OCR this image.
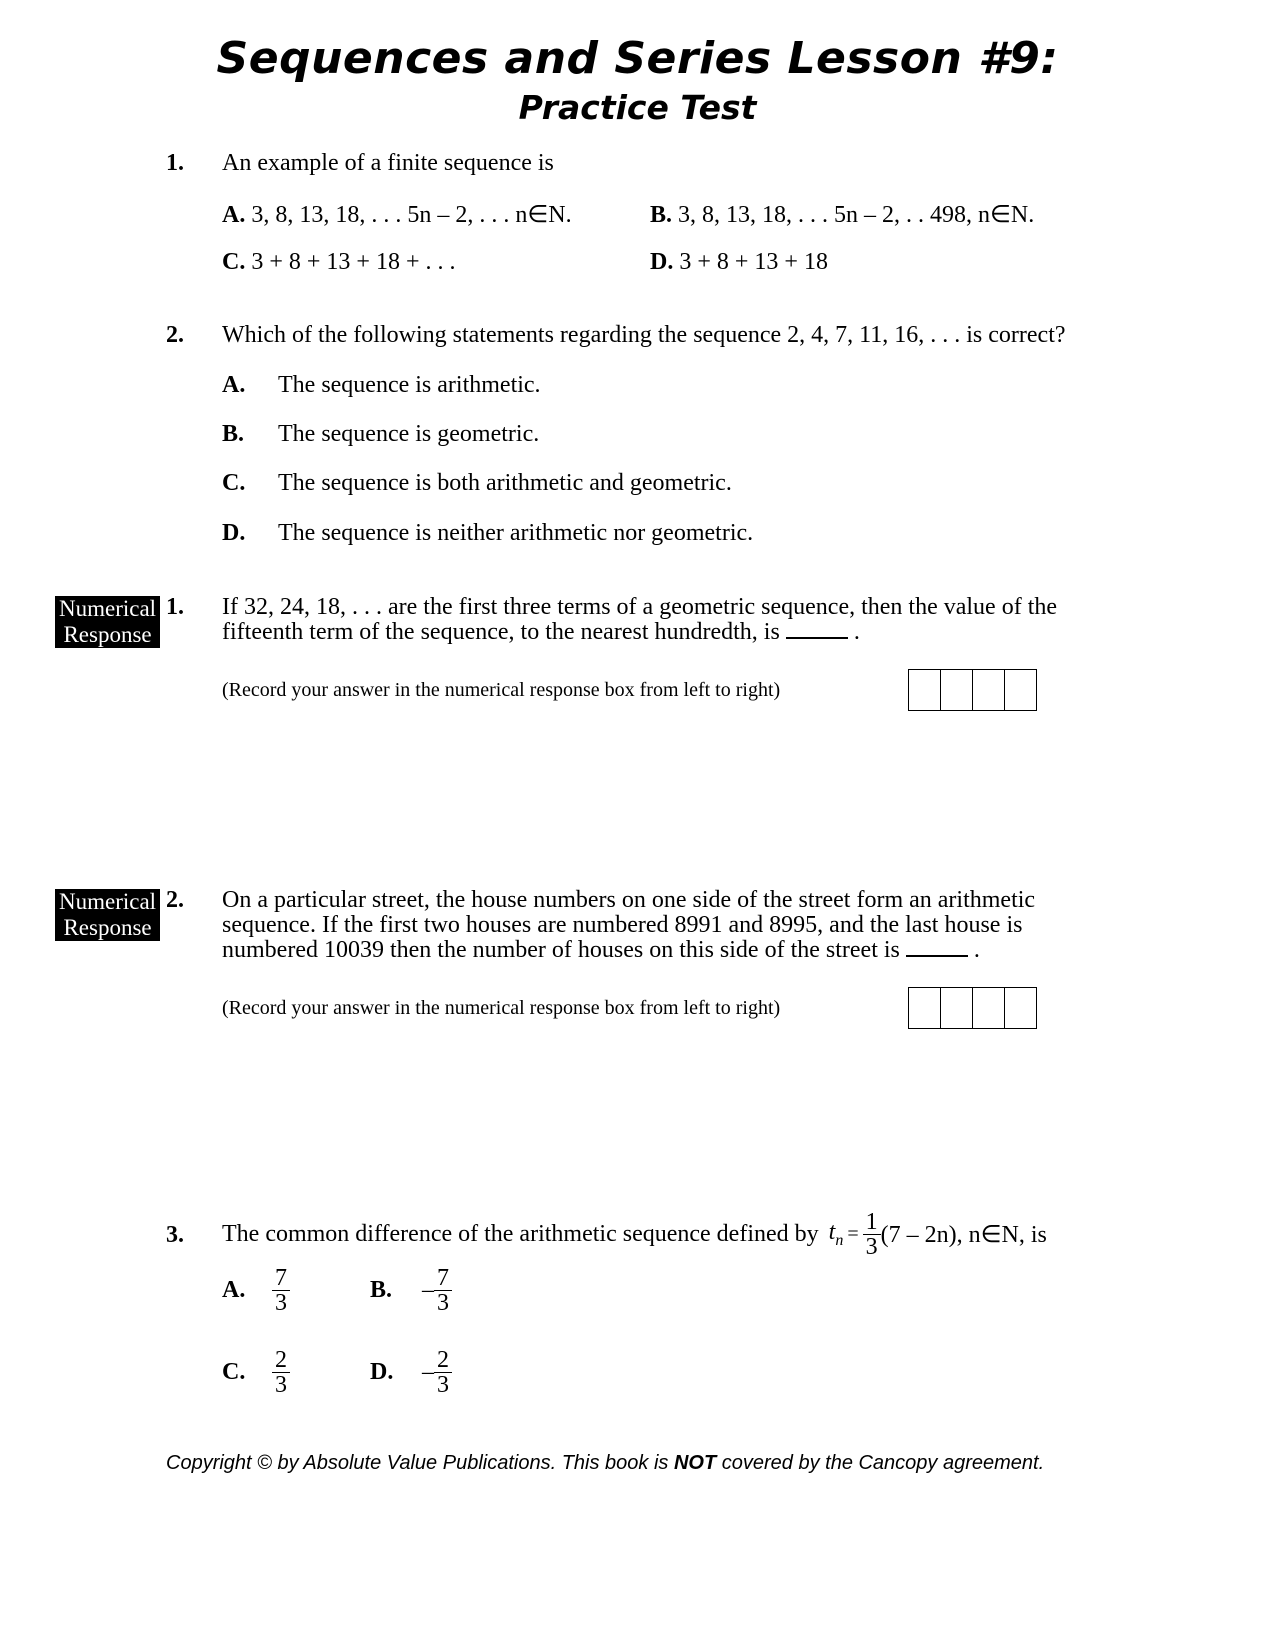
Sequences and Series Lesson #9:
Practice Test
1. An example of a finite sequence is
A. 3, 8, 13, 18, . . . 5n – 2, . . . n∈N.	B. 3, 8, 13, 18, . . . 5n – 2, . . 498, n∈N.
C. 3 + 8 + 13 + 18 + . . .	D. 3 + 8 + 13 + 18
2. Which of the following statements regarding the sequence 2, 4, 7, 11, 16, . . . is correct?
A. The sequence is arithmetic.
B. The sequence is geometric.
C. The sequence is both arithmetic and geometric.
D. The sequence is neither arithmetic nor geometric.
Numerical
Response
1. If 32, 24, 18, . . . are the first three terms of a geometric sequence, then the value of the
fifteenth term of the sequence, to the nearest hundredth, is	.
(Record your answer in the numerical response box from left to right)
Numerical
Response
2. On a particular street, the house numbers on one side of the street form an arithmetic
sequence. If the first two houses are numbered 8991 and 8995, and the last house is
numbered 10039 then the number of houses on this side of the street is	.
(Record your answer in the numerical response box from left to right)
3. The common difference of the arithmetic sequence defined by $t_n = \frac{1}{3} (7 - 2n)$, n∈N, is
A.	$\frac{7}{3}$	B.	– $\frac{7}{3}$
C.	$\frac{2}{3}$	D.	– $\frac{2}{3}$
Copyright © by Absolute Value Publications. This book is NOT covered by the Cancopy agreement.
